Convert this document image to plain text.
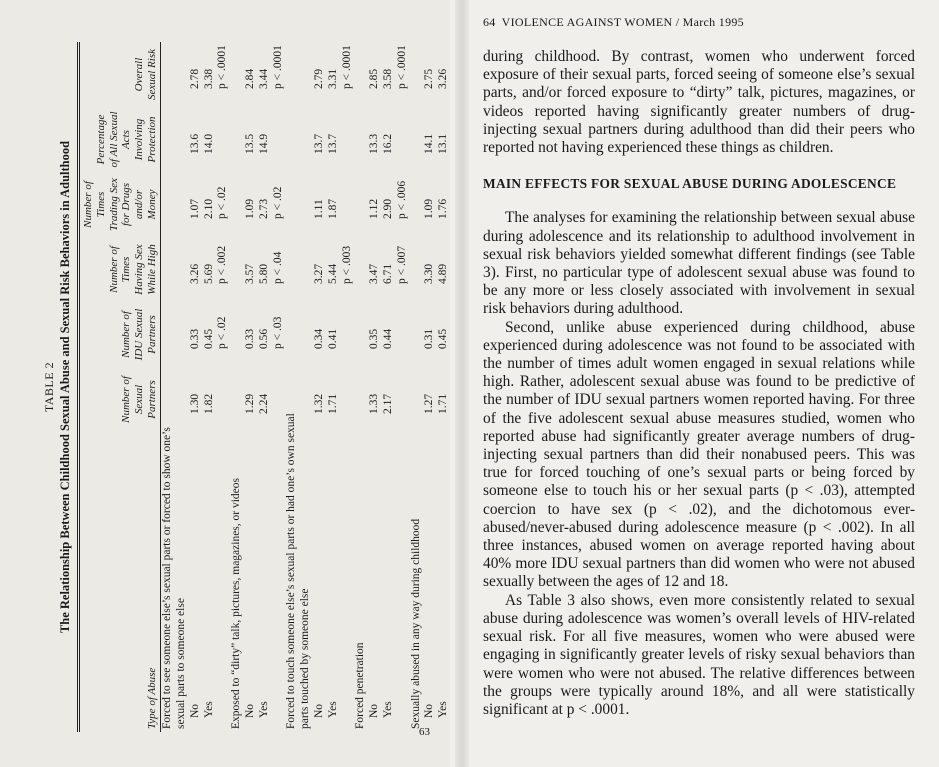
TABLE 2 The Relationship Between Childhood Sexual Abuse and Sexual Risk Behaviors in Adulthood
Type of Abuse	Number of Sexual Partners	Number of IDU Sexual Partners	Number of Times Having Sex While High	Number of Times Trading Sex for Drugs and/or Money	Percentage of All Sexual Acts Involving Protection	Overall Sexual Risk

Forced to see someone else’s sexual parts or forced to show one’s sexual parts to someone else						
No	1.30	0.33	3.26	1.07	13.6	2.78
Yes	1.82	0.45	5.69	2.10	14.0	3.38
		p < .02	p < .002	p < .02		p < .0001
Exposed to “dirty” talk, pictures, magazines, or videos						
No	1.29	0.33	3.57	1.09	13.5	2.84
Yes	2.24	0.56	5.80	2.73	14.9	3.44
		p < .03	p < .04	p < .02		p < .0001
Forced to touch someone else’s sexual parts or had one’s own sexual parts touched by someone else						
No	1.32	0.34	3.27	1.11	13.7	2.79
Yes	1.71	0.41	5.44	1.87	13.7	3.31
			p < .003			p < .0001
Forced penetration						
No	1.33	0.35	3.47	1.12	13.3	2.85
Yes	2.17	0.44	6.71	2.90	16.2	3.58
			p < .007	p < .006		p < .0001
Sexually abused in any way during childhood						
No	1.27	0.31	3.30	1.09	14.1	2.75
Yes	1.71	0.45	4.89	1.76	13.1	3.26

63
64 VIOLENCE AGAINST WOMEN / March 1995

during childhood. By contrast, women who underwent forced exposure of their sexual parts, forced seeing of someone else’s sexual parts, and/or forced exposure to “dirty” talk, pictures, magazines, or videos reported having significantly greater numbers of drug-injecting sexual partners during adulthood than did their peers who reported not having experienced these things as children.

MAIN EFFECTS FOR SEXUAL ABUSE DURING ADOLESCENCE

The analyses for examining the relationship between sexual abuse during adolescence and its relationship to adulthood involvement in sexual risk behaviors yielded somewhat different findings (see Table 3). First, no particular type of adolescent sexual abuse was found to be any more or less closely associated with involvement in sexual risk behaviors during adulthood.

Second, unlike abuse experienced during childhood, abuse experienced during adolescence was not found to be associated with the number of times adult women engaged in sexual relations while high. Rather, adolescent sexual abuse was found to be predictive of the number of IDU sexual partners women reported having. For three of the five adolescent sexual abuse measures studied, women who reported abuse had significantly greater average numbers of drug-injecting sexual partners than did their nonabused peers. This was true for forced touching of one’s sexual parts or being forced by someone else to touch his or her sexual parts (p < .03), attempted coercion to have sex (p < .02), and the dichotomous ever-abused/never-abused during adolescence measure (p < .002). In all three instances, abused women on average reported having about 40% more IDU sexual partners than did women who were not abused sexually between the ages of 12 and 18.

As Table 3 also shows, even more consistently related to sexual abuse during adolescence was women’s overall levels of HIV-related sexual risk. For all five measures, women who were abused were engaging in significantly greater levels of risky sexual behaviors than were women who were not abused. The relative differences between the groups were typically around 18%, and all were statistically significant at p < .0001.
